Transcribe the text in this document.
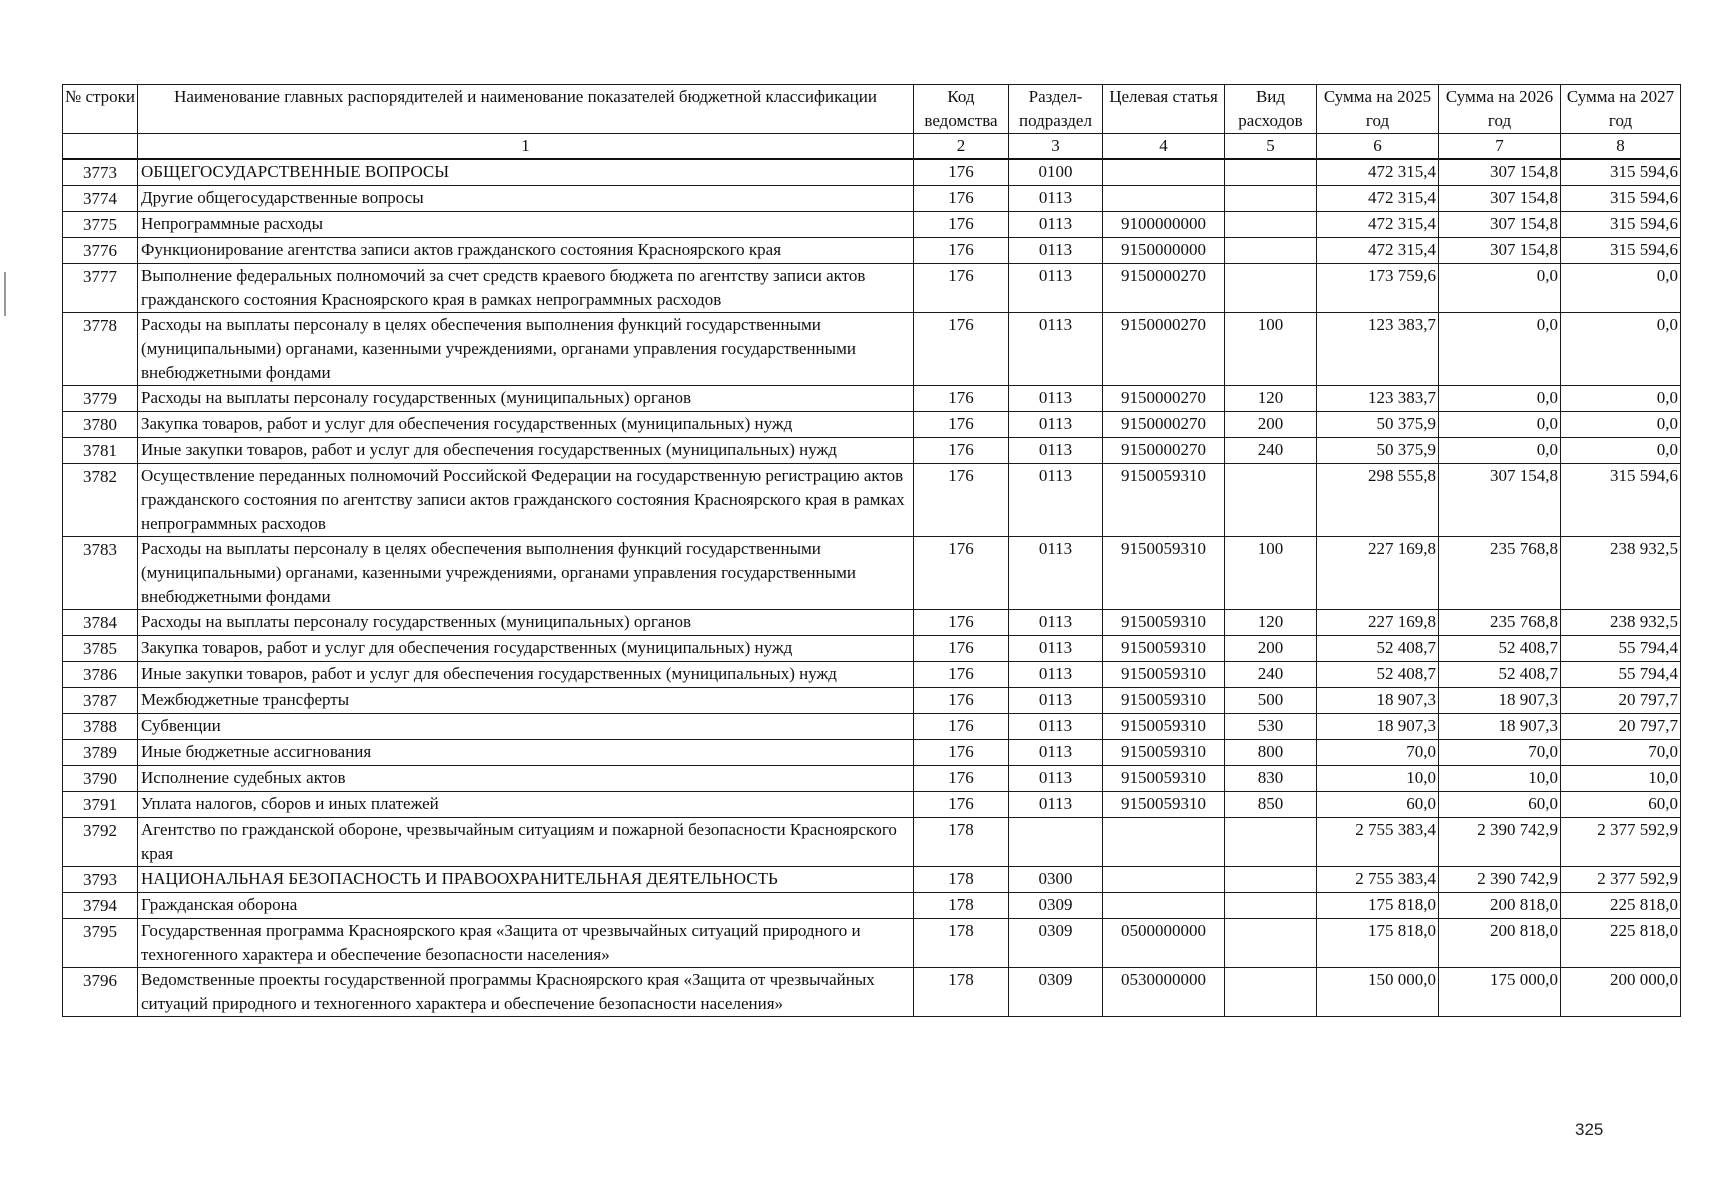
№ строки	Наименование главных распорядителей и наименование показателей бюджетной классификации	Код ведомства	Раздел-подраздел	Целевая статья	Вид расходов	Сумма на 2025 год	Сумма на 2026 год	Сумма на 2027 год
	1	2	3	4	5	6	7	8
3773	ОБЩЕГОСУДАРСТВЕННЫЕ ВОПРОСЫ	176	0100			472 315,4	307 154,8	315 594,6
3774	Другие общегосударственные вопросы	176	0113			472 315,4	307 154,8	315 594,6
3775	Непрограммные расходы	176	0113	9100000000		472 315,4	307 154,8	315 594,6
3776	Функционирование агентства записи актов гражданского состояния Красноярского края	176	0113	9150000000		472 315,4	307 154,8	315 594,6
3777	Выполнение федеральных полномочий за счет средств краевого бюджета по агентству записи актов гражданского состояния Красноярского края в рамках непрограммных расходов	176	0113	9150000270		173 759,6	0,0	0,0
3778	Расходы на выплаты персоналу в целях обеспечения выполнения функций государственными (муниципальными) органами, казенными учреждениями, органами управления государственными внебюджетными фондами	176	0113	9150000270	100	123 383,7	0,0	0,0
3779	Расходы на выплаты персоналу государственных (муниципальных) органов	176	0113	9150000270	120	123 383,7	0,0	0,0
3780	Закупка товаров, работ и услуг для обеспечения государственных (муниципальных) нужд	176	0113	9150000270	200	50 375,9	0,0	0,0
3781	Иные закупки товаров, работ и услуг для обеспечения государственных (муниципальных) нужд	176	0113	9150000270	240	50 375,9	0,0	0,0
3782	Осуществление переданных полномочий Российской Федерации на государственную регистрацию актов гражданского состояния по агентству записи актов гражданского состояния Красноярского края в рамках непрограммных расходов	176	0113	9150059310		298 555,8	307 154,8	315 594,6
3783	Расходы на выплаты персоналу в целях обеспечения выполнения функций государственными (муниципальными) органами, казенными учреждениями, органами управления государственными внебюджетными фондами	176	0113	9150059310	100	227 169,8	235 768,8	238 932,5
3784	Расходы на выплаты персоналу государственных (муниципальных) органов	176	0113	9150059310	120	227 169,8	235 768,8	238 932,5
3785	Закупка товаров, работ и услуг для обеспечения государственных (муниципальных) нужд	176	0113	9150059310	200	52 408,7	52 408,7	55 794,4
3786	Иные закупки товаров, работ и услуг для обеспечения государственных (муниципальных) нужд	176	0113	9150059310	240	52 408,7	52 408,7	55 794,4
3787	Межбюджетные трансферты	176	0113	9150059310	500	18 907,3	18 907,3	20 797,7
3788	Субвенции	176	0113	9150059310	530	18 907,3	18 907,3	20 797,7
3789	Иные бюджетные ассигнования	176	0113	9150059310	800	70,0	70,0	70,0
3790	Исполнение судебных актов	176	0113	9150059310	830	10,0	10,0	10,0
3791	Уплата налогов, сборов и иных платежей	176	0113	9150059310	850	60,0	60,0	60,0
3792	Агентство по гражданской обороне, чрезвычайным ситуациям и пожарной безопасности Красноярского края	178				2 755 383,4	2 390 742,9	2 377 592,9
3793	НАЦИОНАЛЬНАЯ БЕЗОПАСНОСТЬ И ПРАВООХРАНИТЕЛЬНАЯ ДЕЯТЕЛЬНОСТЬ	178	0300			2 755 383,4	2 390 742,9	2 377 592,9
3794	Гражданская оборона	178	0309			175 818,0	200 818,0	225 818,0
3795	Государственная программа Красноярского края «Защита от чрезвычайных ситуаций природного и техногенного характера и обеспечение безопасности населения»	178	0309	0500000000		175 818,0	200 818,0	225 818,0
3796	Ведомственные проекты государственной программы Красноярского края «Защита от чрезвычайных ситуаций природного и техногенного характера и обеспечение безопасности населения»	178	0309	0530000000		150 000,0	175 000,0	200 000,0
325
